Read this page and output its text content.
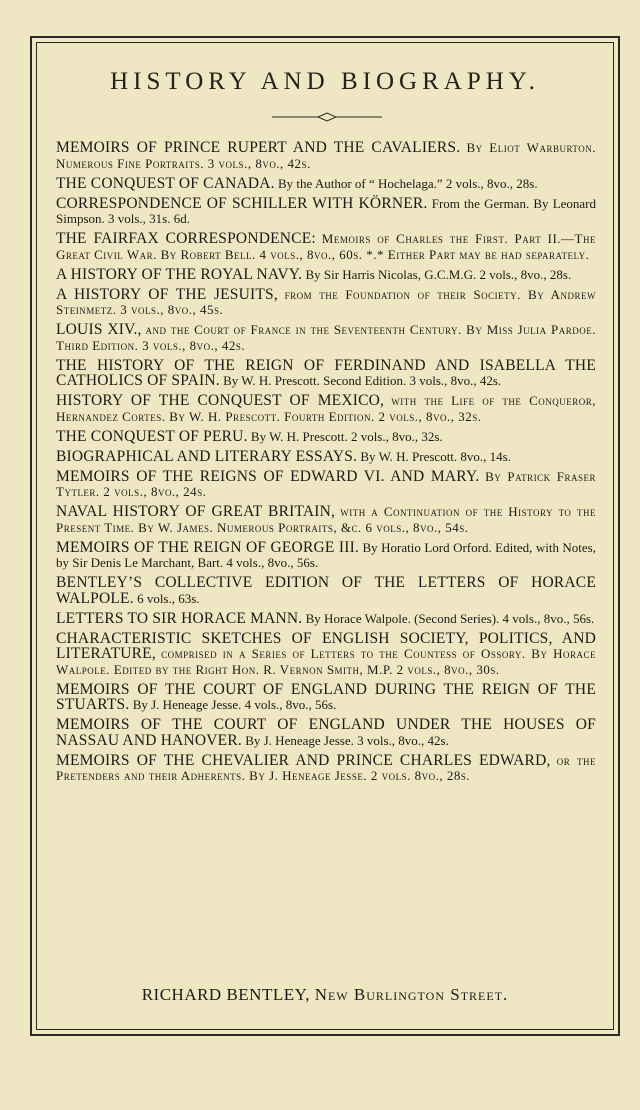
HISTORY AND BIOGRAPHY.
MEMOIRS OF PRINCE RUPERT AND THE CAVALIERS. By Eliot Warburton. Numerous Fine Portraits. 3 vols., 8vo., 42s.
THE CONQUEST OF CANADA. By the Author of “ Hochelaga.” 2 vols., 8vo., 28s.
CORRESPONDENCE OF SCHILLER WITH KÖRNER. From the German. By Leonard Simpson. 3 vols., 31s. 6d.
THE FAIRFAX CORRESPONDENCE: Memoirs of Charles the First. Part II.—The Great Civil War. By Robert Bell. 4 vols., 8vo., 60s. *.* Either Part may be had separately.
A HISTORY OF THE ROYAL NAVY. By Sir Harris Nicolas, G.C.M.G. 2 vols., 8vo., 28s.
A HISTORY OF THE JESUITS, from the Foundation of their Society. By Andrew Steinmetz. 3 vols., 8vo., 45s.
LOUIS XIV., and the Court of France in the Seventeenth Century. By Miss Julia Pardoe. Third Edition. 3 vols., 8vo., 42s.
THE HISTORY OF THE REIGN OF FERDINAND AND ISABELLA THE CATHOLICS OF SPAIN. By W. H. Prescott. Second Edition. 3 vols., 8vo., 42s.
HISTORY OF THE CONQUEST OF MEXICO, with the Life of the Conqueror, Hernandez Cortes. By W. H. Prescott. Fourth Edition. 2 vols., 8vo., 32s.
THE CONQUEST OF PERU. By W. H. Prescott. 2 vols., 8vo., 32s.
BIOGRAPHICAL AND LITERARY ESSAYS. By W. H. Prescott. 8vo., 14s.
MEMOIRS OF THE REIGNS OF EDWARD VI. AND MARY. By Patrick Fraser Tytler. 2 vols., 8vo., 24s.
NAVAL HISTORY OF GREAT BRITAIN, with a Continuation of the History to the Present Time. By W. James. Numerous Portraits, &c. 6 vols., 8vo., 54s.
MEMOIRS OF THE REIGN OF GEORGE III. By Horatio Lord Orford. Edited, with Notes, by Sir Denis Le Marchant, Bart. 4 vols., 8vo., 56s.
BENTLEY’S COLLECTIVE EDITION OF THE LETTERS OF HORACE WALPOLE. 6 vols., 63s.
LETTERS TO SIR HORACE MANN. By Horace Walpole. (Second Series). 4 vols., 8vo., 56s.
CHARACTERISTIC SKETCHES OF ENGLISH SOCIETY, POLITICS, AND LITERATURE, comprised in a Series of Letters to the Countess of Ossory. By Horace Walpole. Edited by the Right Hon. R. Vernon Smith, M.P. 2 vols., 8vo., 30s.
MEMOIRS OF THE COURT OF ENGLAND DURING THE REIGN OF THE STUARTS. By J. Heneage Jesse. 4 vols., 8vo., 56s.
MEMOIRS OF THE COURT OF ENGLAND UNDER THE HOUSES OF NASSAU AND HANOVER. By J. Heneage Jesse. 3 vols., 8vo., 42s.
MEMOIRS OF THE CHEVALIER AND PRINCE CHARLES EDWARD, or the Pretenders and their Adherents. By J. Heneage Jesse. 2 vols. 8vo., 28s.
RICHARD BENTLEY, New Burlington Street.
